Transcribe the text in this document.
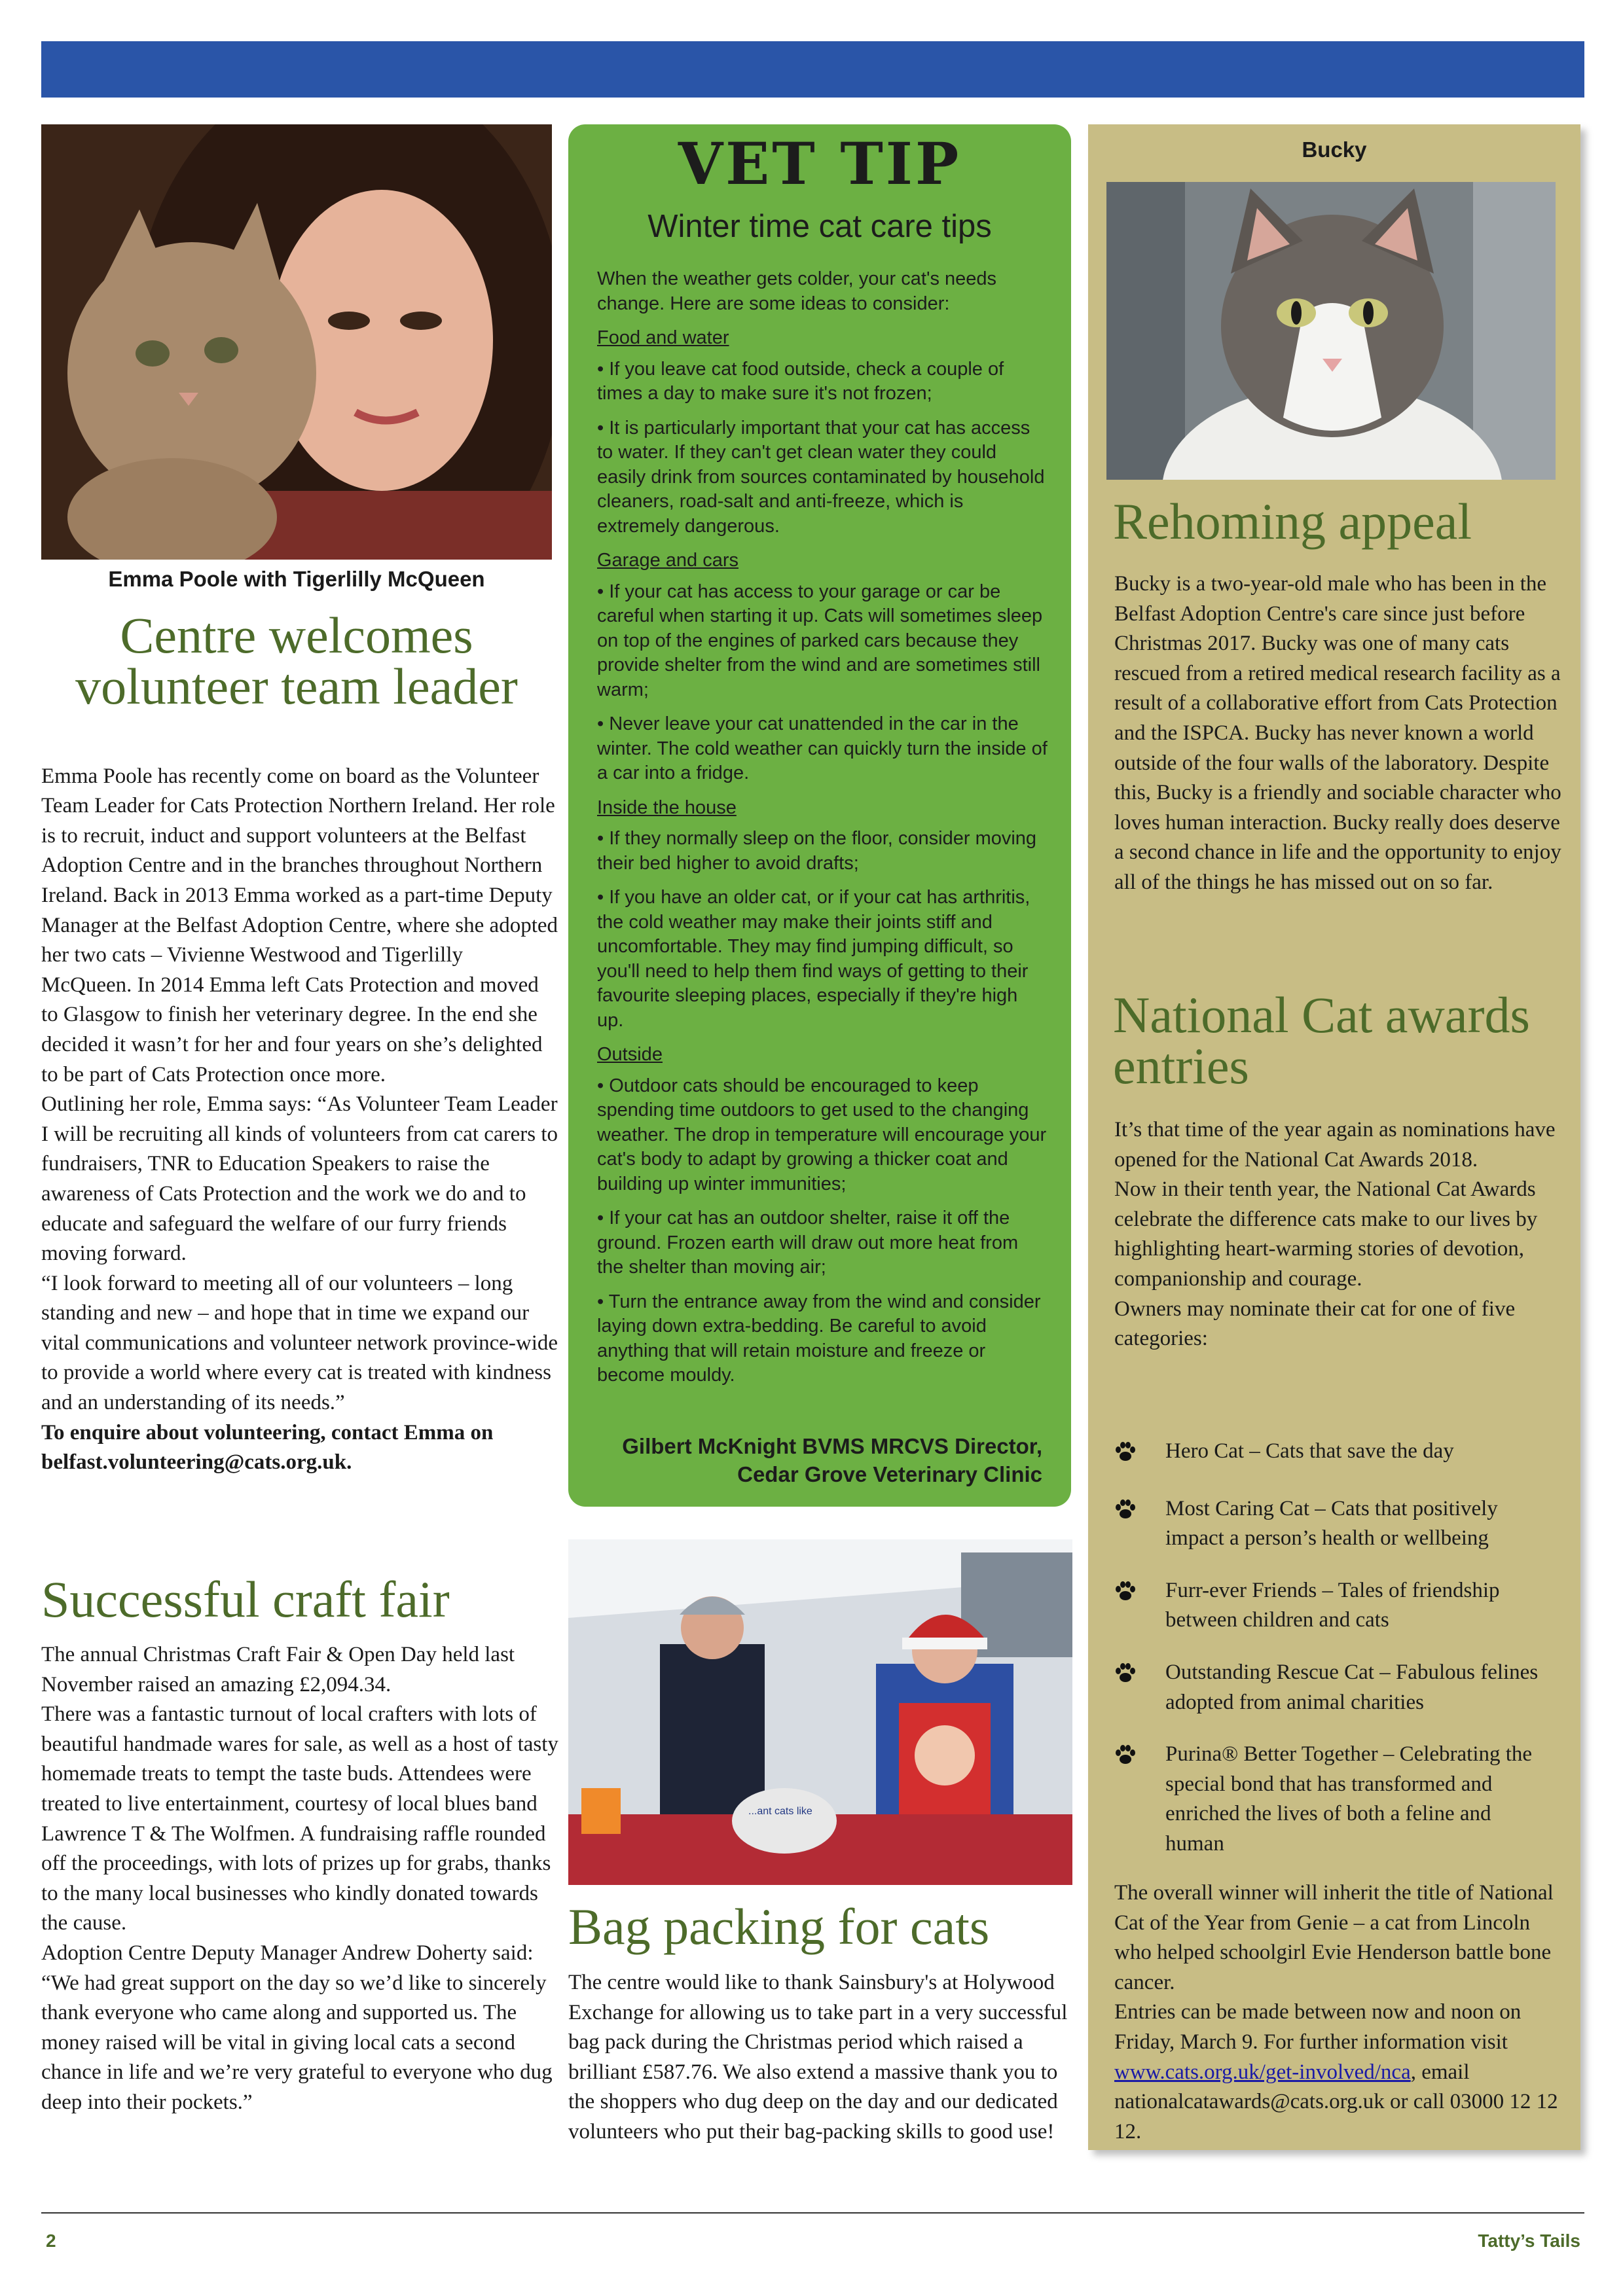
Emma Poole with Tigerlilly McQueen
Centre welcomes volunteer team leader

Emma Poole has recently come on board as the Volunteer Team Leader for Cats Protection Northern Ireland. Her role is to recruit, induct and support volunteers at the Belfast Adoption Centre and in the branches throughout Northern Ireland. Back in 2013 Emma worked as a part-time Deputy Manager at the Belfast Adoption Centre, where she adopted her two cats – Vivienne Westwood and Tigerlilly McQueen. In 2014 Emma left Cats Protection and moved to Glasgow to finish her veterinary degree. In the end she decided it wasn’t for her and four years on she’s delighted to be part of Cats Protection once more.
Outlining her role, Emma says: “As Volunteer Team Leader I will be recruiting all kinds of volunteers from cat carers to fundraisers, TNR to Education Speakers to raise the awareness of Cats Protection and the work we do and to educate and safeguard the welfare of our furry friends moving forward.
“I look forward to meeting all of our volunteers – long standing and new – and hope that in time we expand our vital communications and volunteer network province-wide to provide a world where every cat is treated with kindness and an understanding of its needs.”

To enquire about volunteering, contact Emma on belfast.volunteering@cats.org.uk.

Successful craft fair
The annual Christmas Craft Fair & Open Day held last November raised an amazing £2,094.34.
There was a fantastic turnout of local crafters with lots of beautiful handmade wares for sale, as well as a host of tasty homemade treats to tempt the taste buds. Attendees were treated to live entertainment, courtesy of local blues band Lawrence T & The Wolfmen. A fundraising raffle rounded off the proceedings, with lots of prizes up for grabs, thanks to the many local businesses who kindly donated towards the cause.
Adoption Centre Deputy Manager Andrew Doherty said: “We had great support on the day so we’d like to sincerely thank everyone who came along and supported us. The money raised will be vital in giving local cats a second chance in life and we’re very grateful to everyone who dug deep into their pockets.”
VET TIP
Winter time cat care tips

When the weather gets colder, your cat's needs change. Here are some ideas to consider:

Food and water

• If you leave cat food outside, check a couple of times a day to make sure it's not frozen;

• It is particularly important that your cat has access to water. If they can't get clean water they could easily drink from sources contaminated by household cleaners, road-salt and anti-freeze, which is extremely dangerous.

Garage and cars

• If your cat has access to your garage or car be careful when starting it up. Cats will sometimes sleep on top of the engines of parked cars because they provide shelter from the wind and are sometimes still warm;

• Never leave your cat unattended in the car in the winter. The cold weather can quickly turn the inside of a car into a fridge.

Inside the house

• If they normally sleep on the floor, consider moving their bed higher to avoid drafts;

• If you have an older cat, or if your cat has arthritis, the cold weather may make their joints stiff and uncomfortable. They may find jumping difficult, so you'll need to help them find ways of getting to their favourite sleeping places, especially if they're high up.

Outside

• Outdoor cats should be encouraged to keep spending time outdoors to get used to the changing weather. The drop in temperature will encourage your cat's body to adapt by growing a thicker coat and building up winter immunities;

• If your cat has an outdoor shelter, raise it off the ground. Frozen earth will draw out more heat from the shelter than moving air;

• Turn the entrance away from the wind and consider laying down extra-bedding. Be careful to avoid anything that will retain moisture and freeze or become mouldy.

Gilbert McKnight BVMS MRCVS Director,
Cedar Grove Veterinary Clinic
...ant cats like
Bag packing for cats
The centre would like to thank Sainsbury's at Holywood Exchange for allowing us to take part in a very successful bag pack during the Christmas period which raised a brilliant £587.76. We also extend a massive thank you to the shoppers who dug deep on the day and our dedicated volunteers who put their bag-packing skills to good use!
Bucky
Rehoming appeal
Bucky is a two-year-old male who has been in the Belfast Adoption Centre's care since just before Christmas 2017. Bucky was one of many cats rescued from a retired medical research facility as a result of a collaborative effort from Cats Protection and the ISPCA. Bucky has never known a world outside of the four walls of the laboratory. Despite this, Bucky is a friendly and sociable character who loves human interaction. Bucky really does deserve a second chance in life and the opportunity to enjoy all of the things he has missed out on so far.
National Cat awards entries
It’s that time of the year again as nominations have opened for the National Cat Awards 2018.
Now in their tenth year, the National Cat Awards celebrate the difference cats make to our lives by highlighting heart-warming stories of devotion, companionship and courage.
Owners may nominate their cat for one of five categories:
Hero Cat – Cats that save the day
Most Caring Cat – Cats that positively impact a person’s health or wellbeing
Furr-ever Friends – Tales of friendship between children and cats
Outstanding Rescue Cat – Fabulous felines adopted from animal charities
Purina® Better Together – Celebrating the special bond that has transformed and enriched the lives of both a feline and human
The overall winner will inherit the title of National Cat of the Year from Genie – a cat from Lincoln who helped schoolgirl Evie Henderson battle bone cancer.
Entries can be made between now and noon on Friday, March 9. For further information visit www.cats.org.uk/get-involved/nca, email nationalcatawards@cats.org.uk or call 03000 12 12 12.
2	Tatty’s Tails
